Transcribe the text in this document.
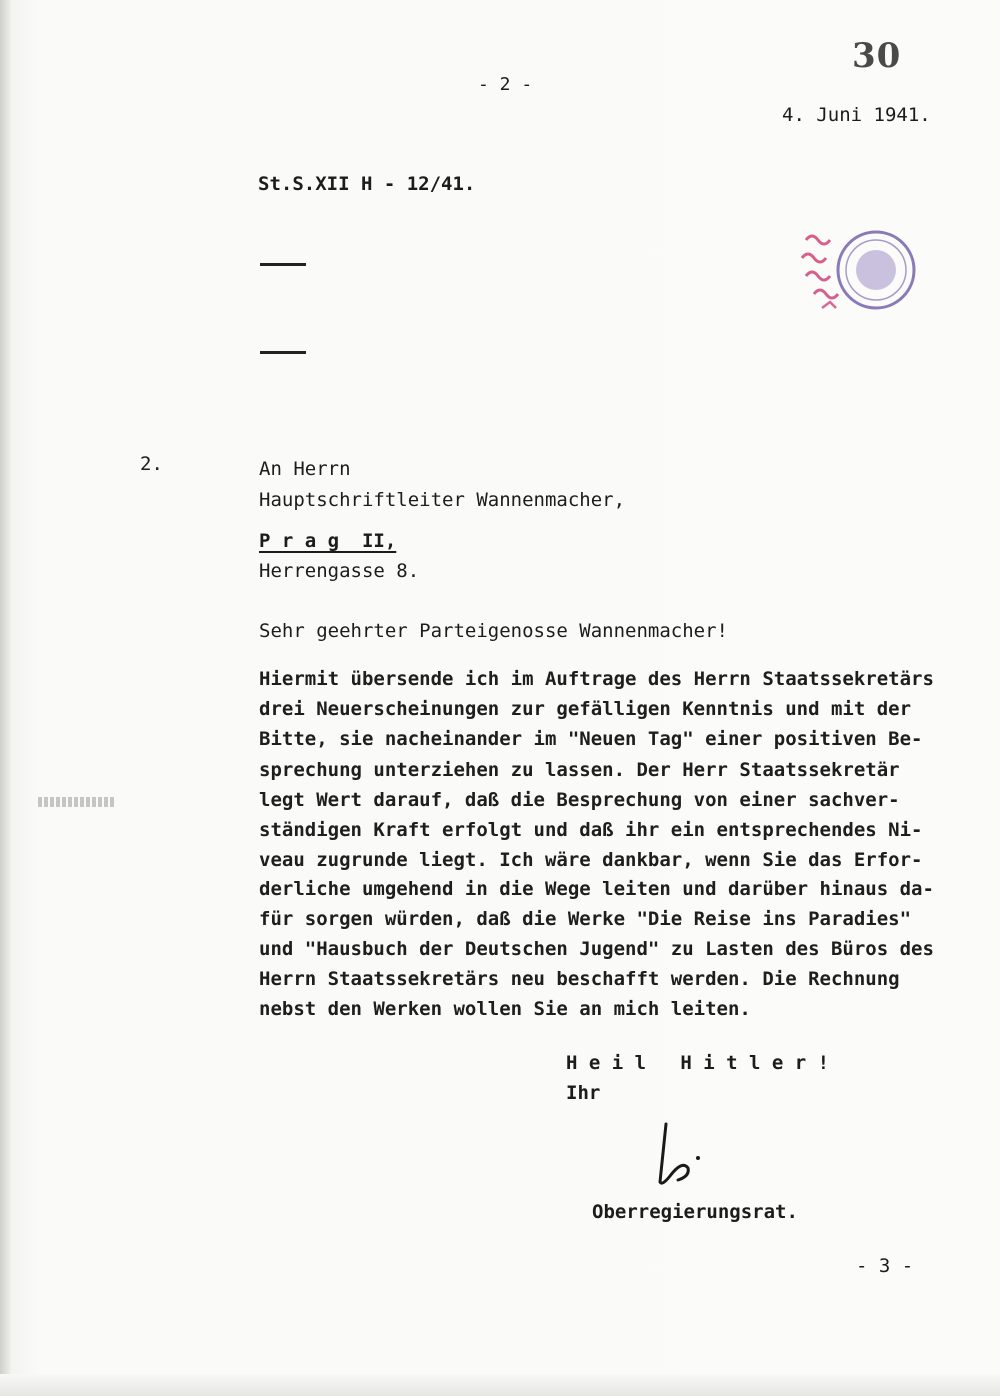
30
- 2 -
4. Juni 1941.
St.S.XII H - 12/41.
2.	An Herrn
Hauptschriftleiter Wannenmacher,
P r a g  II,
Herrengasse 8.
Sehr geehrter Parteigenosse Wannenmacher!
Hiermit übersende ich im Auftrage des Herrn Staatssekretärs
drei Neuerscheinungen zur gefälligen Kenntnis und mit der
Bitte, sie nacheinander im "Neuen Tag" einer positiven Be-
sprechung unterziehen zu lassen. Der Herr Staatssekretär
legt Wert darauf, daß die Besprechung von einer sachver-
ständigen Kraft erfolgt und daß ihr ein entsprechendes Ni-
veau zugrunde liegt. Ich wäre dankbar, wenn Sie das Erfor-
derliche umgehend in die Wege leiten und darüber hinaus da-
für sorgen würden, daß die Werke "Die Reise ins Paradies"
und "Hausbuch der Deutschen Jugend" zu Lasten des Büros des
Herrn Staatssekretärs neu beschafft werden. Die Rechnung
nebst den Werken wollen Sie an mich leiten.
H e i l   H i t l e r !
Ihr
Oberregierungsrat.
- 3 -
